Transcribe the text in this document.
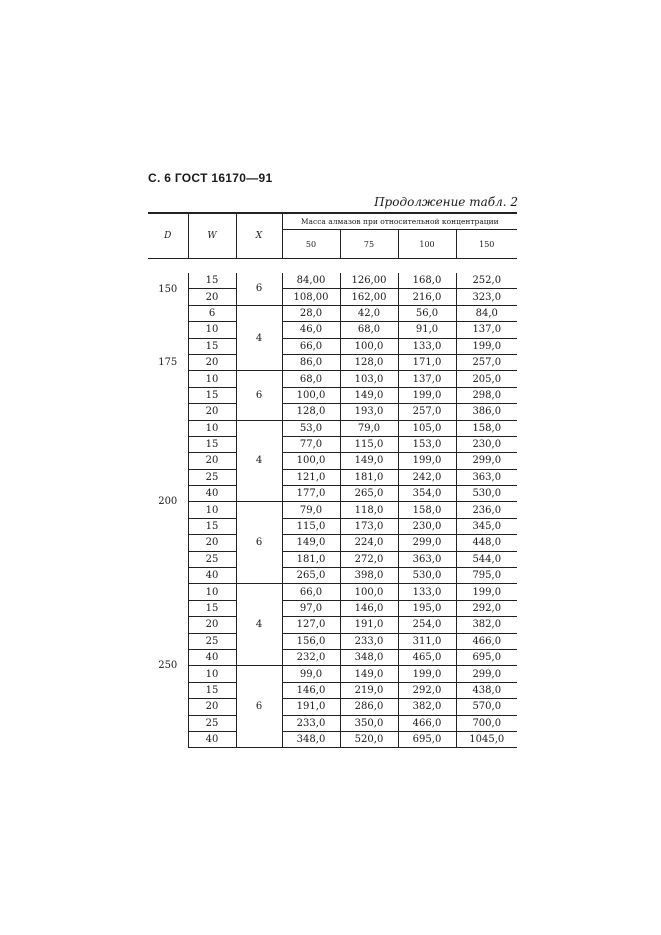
С. 6 ГОСТ 16170—91
Продолжение табл. 2
D	W	X	Масса алмазов при относительной концентрации			
			50	75	100	150

150	15	6	84,00	126,00	168,0	252,0
	20		108,00	162,00	216,0	323,0
175	6	4	28,0	42,0	56,0	84,0
	10		46,0	68,0	91,0	137,0
	15		66,0	100,0	133,0	199,0
	20		86,0	128,0	171,0	257,0
	10	6	68,0	103,0	137,0	205,0
	15		100,0	149,0	199,0	298,0
	20		128,0	193,0	257,0	386,0
200	10	4	53,0	79,0	105,0	158,0
	15		77,0	115,0	153,0	230,0
	20		100,0	149,0	199,0	299,0
	25		121,0	181,0	242,0	363,0
	40		177,0	265,0	354,0	530,0
	10	6	79,0	118,0	158,0	236,0
	15		115,0	173,0	230,0	345,0
	20		149,0	224,0	299,0	448,0
	25		181,0	272,0	363,0	544,0
	40		265,0	398,0	530,0	795,0
250	10	4	66,0	100,0	133,0	199,0
	15		97,0	146,0	195,0	292,0
	20		127,0	191,0	254,0	382,0
	25		156,0	233,0	311,0	466,0
	40		232,0	348,0	465,0	695,0
	10	6	99,0	149,0	199,0	299,0
	15		146,0	219,0	292,0	438,0
	20		191,0	286,0	382,0	570,0
	25		233,0	350,0	466,0	700,0
	40		348,0	520,0	695,0	1045,0
